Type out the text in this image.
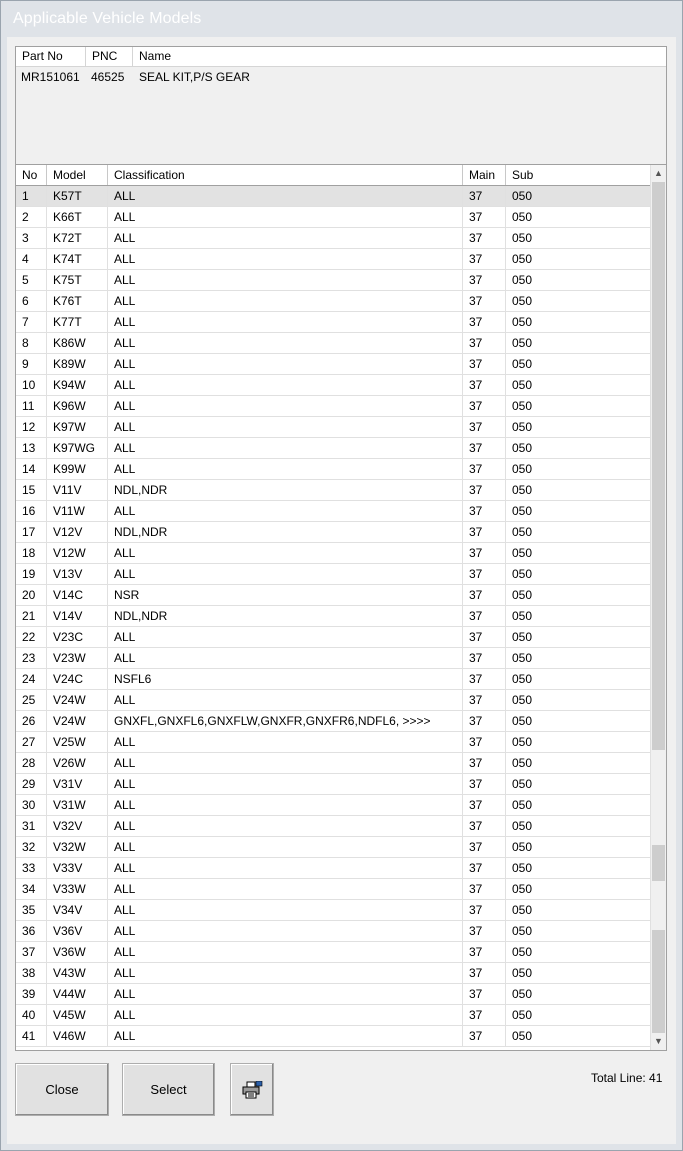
Applicable Vehicle Models
Part No	PNC	Name
MR151061 46525	SEAL KIT,P/S GEAR
No	Model	Classification	Main	Sub
1	K57T	ALL	37	050
2	K66T	ALL	37	050
3	K72T	ALL	37	050
4	K74T	ALL	37	050
5	K75T	ALL	37	050
6	K76T	ALL	37	050
7	K77T	ALL	37	050
8	K86W	ALL	37	050
9	K89W	ALL	37	050
10	K94W	ALL	37	050
11	K96W	ALL	37	050
12	K97W	ALL	37	050
13	K97WG	ALL	37	050
14	K99W	ALL	37	050
15	V11V	NDL,NDR	37	050
16	V11W	ALL	37	050
17	V12V	NDL,NDR	37	050
18	V12W	ALL	37	050
19	V13V	ALL	37	050
20	V14C	NSR	37	050
21	V14V	NDL,NDR	37	050
22	V23C	ALL	37	050
23	V23W	ALL	37	050
24	V24C	NSFL6	37	050
25	V24W	ALL	37	050
26	V24W	GNXFL,GNXFL6,GNXFLW,GNXFR,GNXFR6,NDFL6, >>>>	37	050
27	V25W	ALL	37	050
28	V26W	ALL	37	050
29	V31V	ALL	37	050
30	V31W	ALL	37	050
31	V32V	ALL	37	050
32	V32W	ALL	37	050
33	V33V	ALL	37	050
34	V33W	ALL	37	050
35	V34V	ALL	37	050
36	V36V	ALL	37	050
37	V36W	ALL	37	050
38	V43W	ALL	37	050
39	V44W	ALL	37	050
40	V45W	ALL	37	050
41	V46W	ALL	37	050
▲
▼
Close	Select
Total Line: 41
